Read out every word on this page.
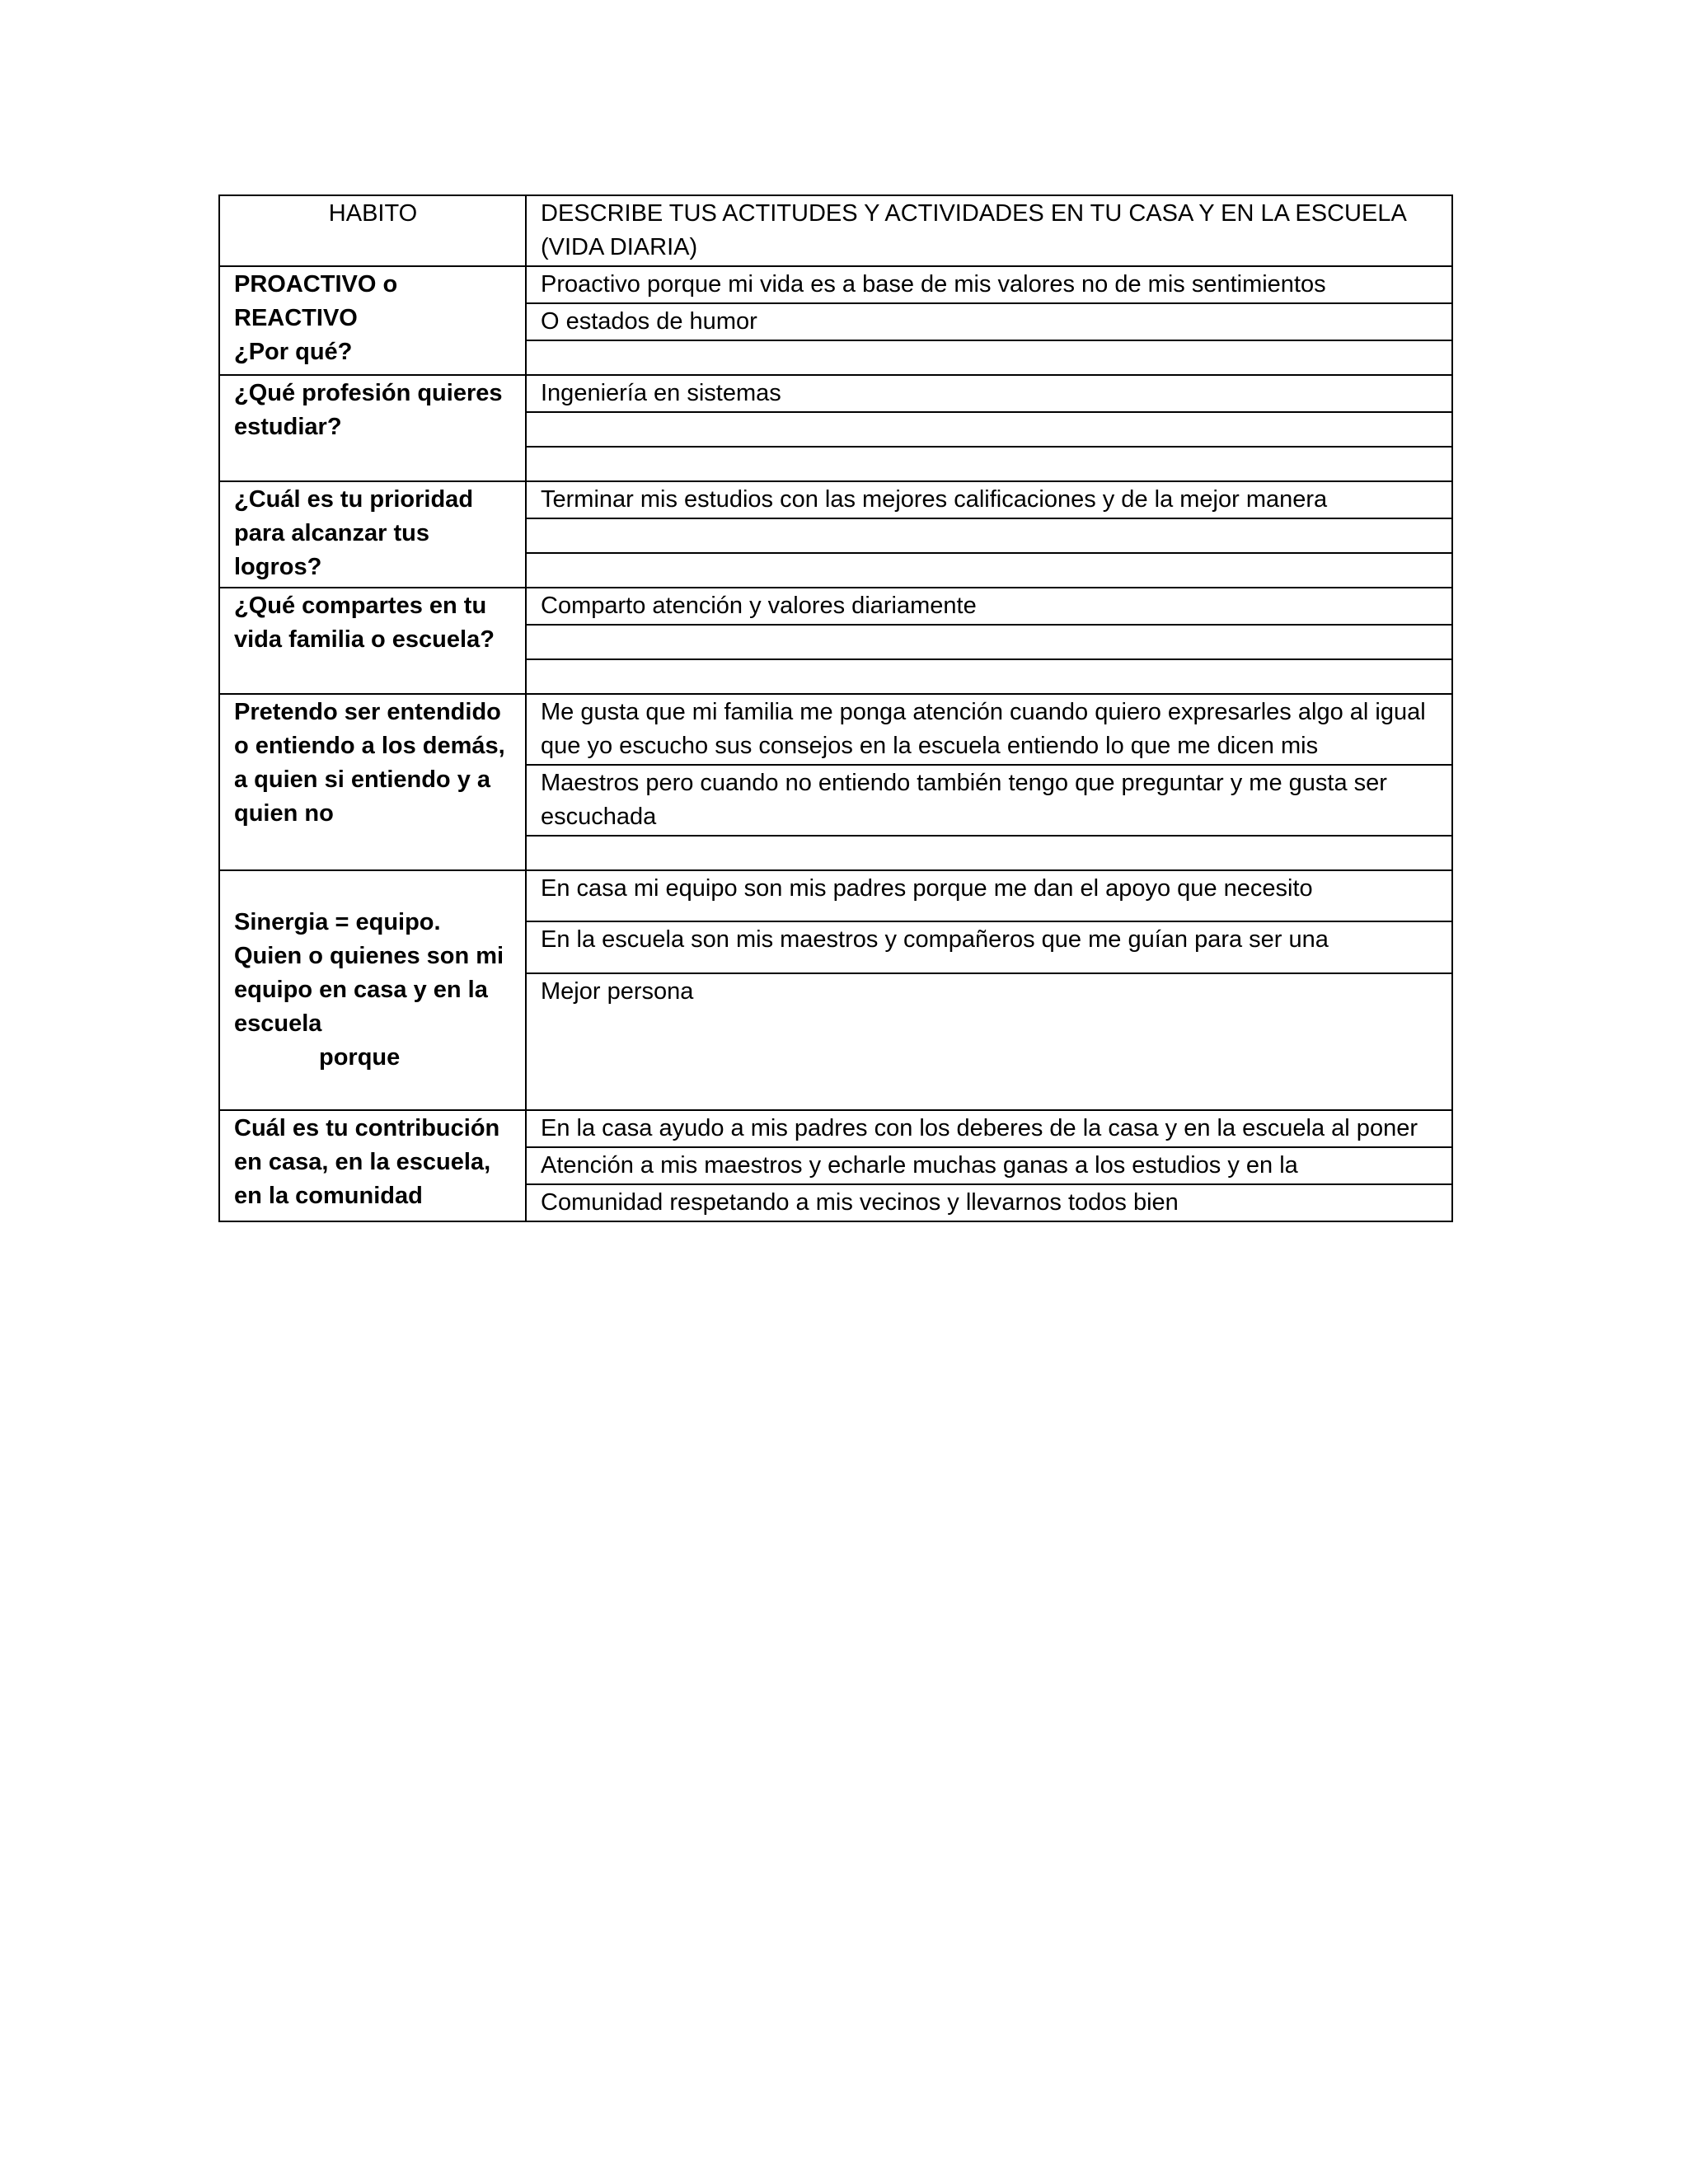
HABITO	DESCRIBE TUS ACTITUDES Y ACTIVIDADES EN TU CASA Y EN LA ESCUELA (VIDA DIARIA)
PROACTIVO o
REACTIVO
¿Por qué?	Proactivo porque mi vida es a base de mis valores no de mis sentimientos
	O estados de humor

¿Qué profesión quieres estudiar?	Ingeniería en sistemas

¿Cuál es tu prioridad para alcanzar tus logros?	Terminar mis estudios con las mejores calificaciones y de la mejor manera

¿Qué compartes en tu vida familia o escuela?	Comparto atención y valores diariamente

Pretendo ser entendido o entiendo a los demás, a quien si entiendo y a quien no	Me gusta que mi familia me ponga atención cuando quiero expresarles algo al igual que yo escucho sus consejos en la escuela entiendo lo que me dicen mis
	Maestros pero cuando no entiendo también tengo que preguntar y me gusta ser escuchada

Sinergia = equipo. Quien o quienes son mi equipo en casa y en la escuela

porque	En casa mi equipo son mis padres porque me dan el apoyo que necesito
	En la escuela son mis maestros y compañeros que me guían para ser una
	Mejor persona
Cuál es tu contribución en casa, en la escuela, en la comunidad	En la casa ayudo a mis padres con los deberes de la casa y en la escuela al poner
	Atención a mis maestros y echarle muchas ganas a los estudios y en la
	Comunidad respetando a mis vecinos y llevarnos todos bien
